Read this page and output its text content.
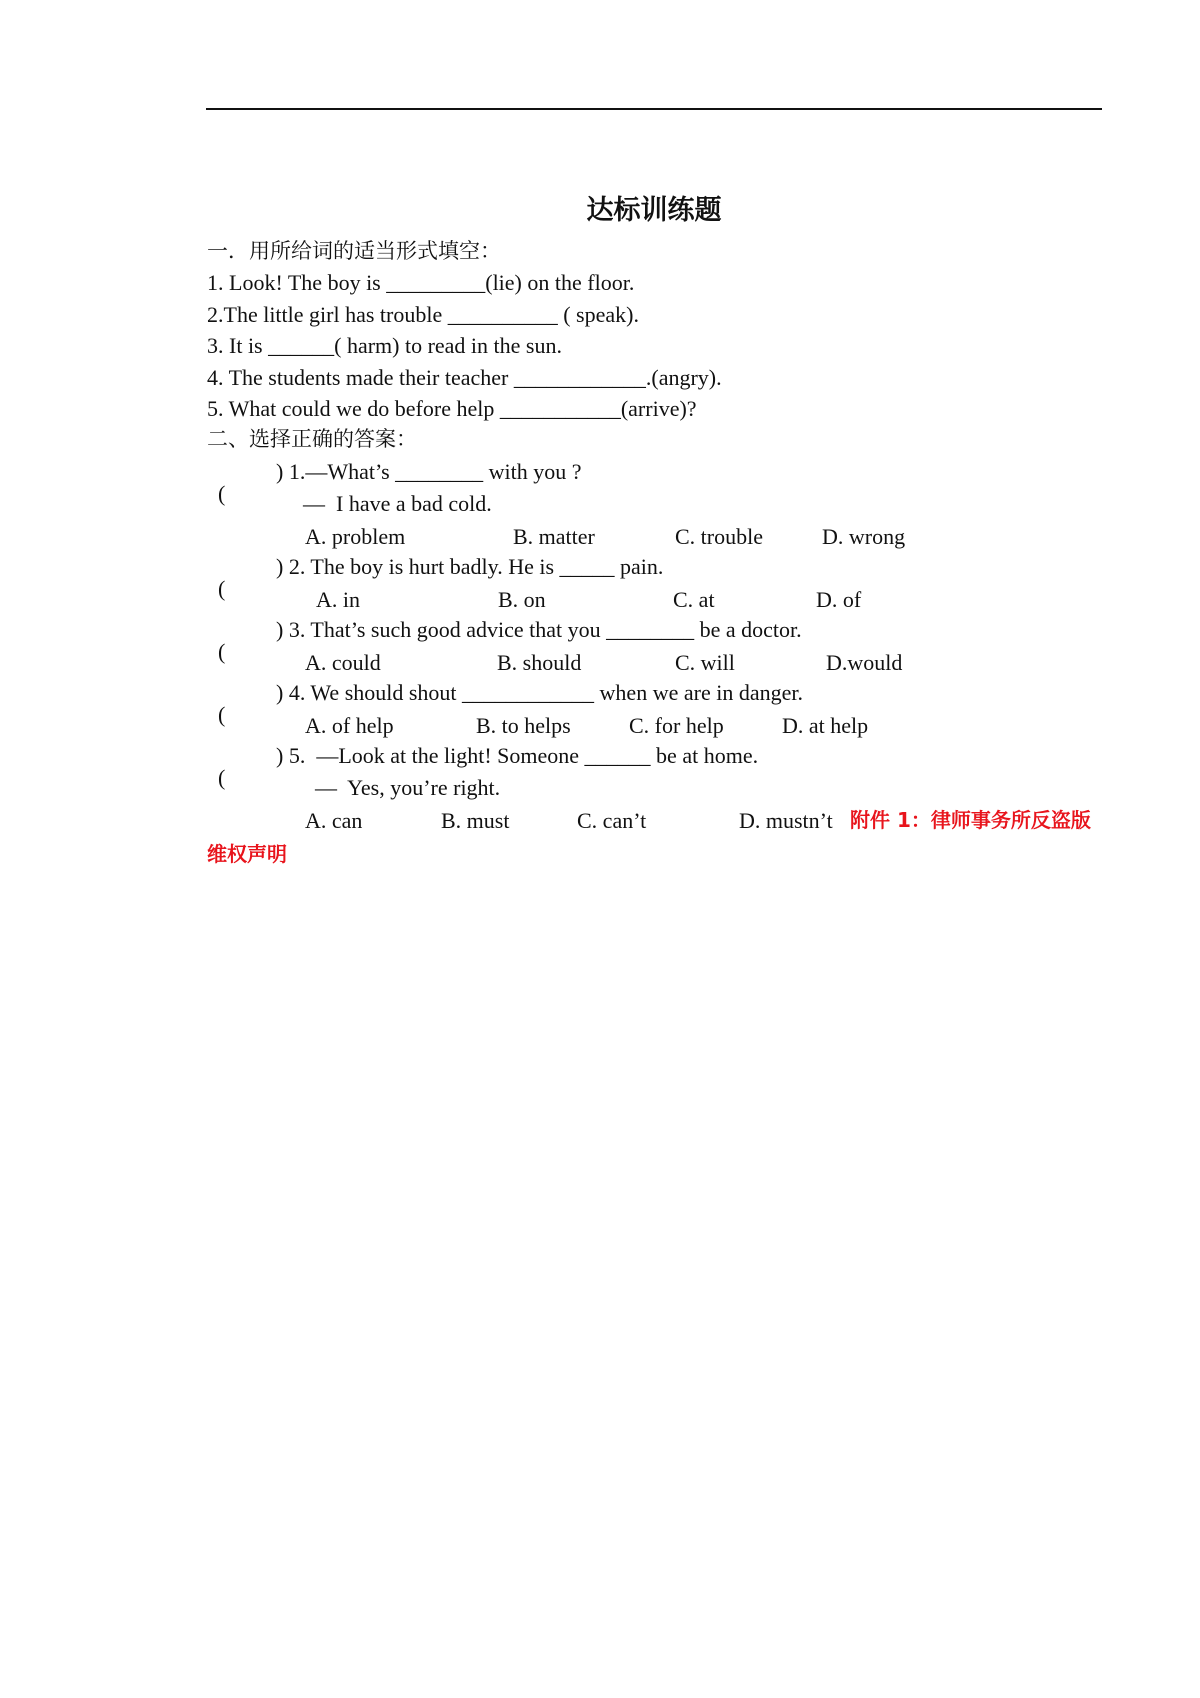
达标训练题
一．用所给词的适当形式填空：
1. Look! The boy is _________(lie) on the floor.
2.The little girl has trouble __________ ( speak).
3. It is ______( harm) to read in the sun.
4. The students made their teacher ____________.(angry).
5. What could we do before help ___________(arrive)?
二、选择正确的答案：

(

) 1.—What’s ________ with you ?
—  I have a bad cold.
A. problem	B. matter	C. trouble	D. wrong

(

) 2. The boy is hurt badly. He is _____ pain.
A. in	B. on	C. at	D. of

(

) 3. That’s such good advice that you ________ be a doctor.
A. could	B. should	C. will	D.would

(

) 4. We should shout ____________ when we are in danger.
A. of help	B. to helps	C. for help	D. at help

(

) 5.  —Look at the light! Someone ______ be at home.
—  Yes, you’re right.
A. can	B. must	C. can’t	D. mustn’t 附件 1：律师事务所反盗版
维权声明
